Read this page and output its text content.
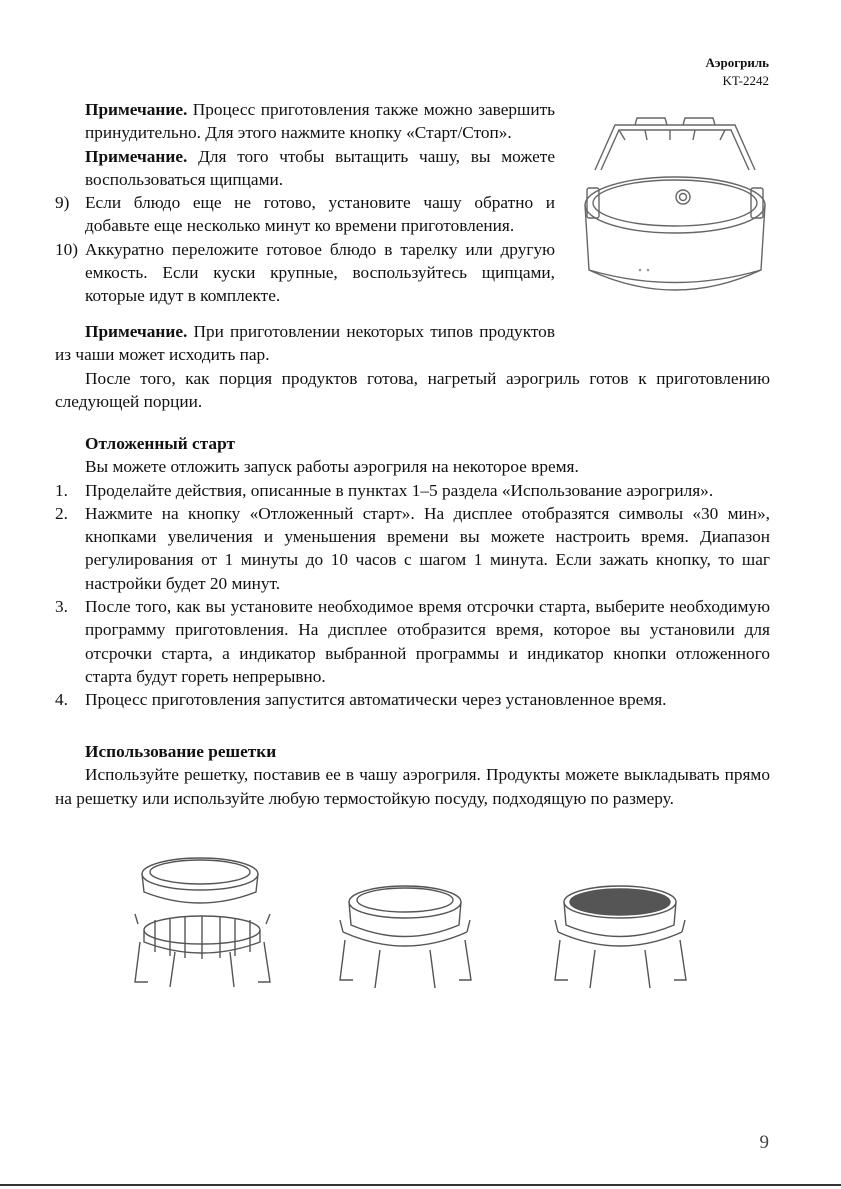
Аэрогриль
KT-2242

Примечание. Процесс приготовления также можно завершить принудительно. Для этого нажмите кнопку «Старт/Стоп».

Примечание. Для того чтобы вытащить чашу, вы можете воспользоваться щипцами.

9) Если блюдо еще не готово, установите чашу обратно и добавьте еще несколько минут ко времени приготовления.
10) Аккуратно переложите готовое блюдо в тарелку или другую емкость. Если куски крупные, воспользуйтесь щипцами, которые идут в комплекте.

Примечание. При приготовлении некоторых типов продуктов из чаши может исходить пар.

После того, как порция продуктов готова, нагретый аэрогриль готов к приготовлению следующей порции.

Отложенный старт

Вы можете отложить запуск работы аэрогриля на некоторое время.

1. Проделайте действия, описанные в пунктах 1–5 раздела «Использование аэрогриля».
2. Нажмите на кнопку «Отложенный старт». На дисплее отобразятся символы «30 мин», кнопками увеличения и уменьшения времени вы можете настроить время. Диапазон регулирования от 1 минуты до 10 часов с шагом 1 минута. Если зажать кнопку, то шаг настройки будет 20 минут.
3. После того, как вы установите необходимое время отсрочки старта, выберите необходимую программу приготовления. На дисплее отобразится время, которое вы установили для отсрочки старта, а индикатор выбранной программы и индикатор кнопки отложенного старта будут гореть непрерывно.
4. Процесс приготовления запустится автоматически через установленное время.

Использование решетки

Используйте решетку, поставив ее в чашу аэрогриля. Продукты можете выкладывать прямо на решетку или используйте любую термостойкую посуду, подходящую по размеру.

9
